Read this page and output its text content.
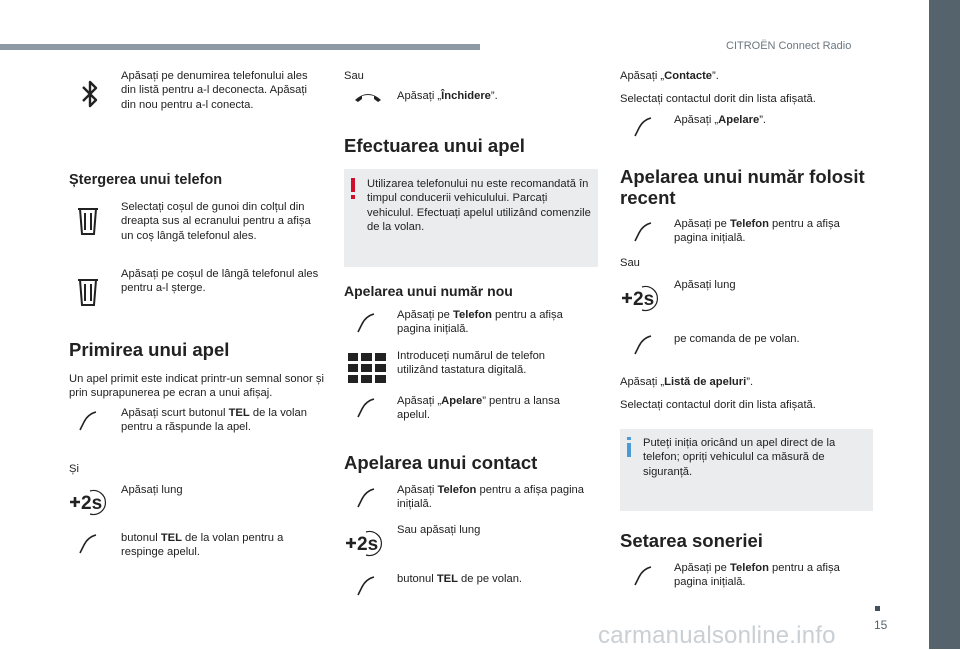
CITROËN Connect Radio
15
carmanualsonline.info
Apăsați pe denumirea telefonului ales din listă pentru a-l deconecta. Apăsați din nou pentru a-l conecta.
Ștergerea unui telefon
Selectați coșul de gunoi din colțul din dreapta sus al ecranului pentru a afișa un coș lângă telefonul ales.
Apăsați pe coșul de lângă telefonul ales pentru a-l șterge.
Primirea unui apel
Un apel primit este indicat printr-un semnal sonor și prin suprapunerea pe ecran a unui afișaj.
Apăsați scurt butonul TEL de la volan pentru a răspunde la apel.
Și
2s
Apăsați lung
butonul TEL de la volan pentru a respinge apelul.
Sau
Apăsați „Închidere”.
Efectuarea unui apel
Utilizarea telefonului nu este recomandată în timpul conducerii vehiculului. Parcați vehiculul. Efectuați apelul utilizând comenzile de la volan.
Apelarea unui număr nou
Apăsați pe Telefon pentru a afișa pagina inițială.
Introduceți numărul de telefon utilizând tastatura digitală.
Apăsați „Apelare” pentru a lansa apelul.
Apelarea unui contact
Apăsați Telefon pentru a afișa pagina inițială.
2s
Sau apăsați lung
butonul TEL de pe volan.
Apăsați „Contacte”.
Selectați contactul dorit din lista afișată.
Apăsați „Apelare”.
Apelarea unui număr folosit recent
Apăsați pe Telefon pentru a afișa pagina inițială.
Sau
2s
Apăsați lung
pe comanda de pe volan.
Apăsați „Listă de apeluri”.
Selectați contactul dorit din lista afișată.
Puteți iniția oricând un apel direct de la telefon; opriți vehiculul ca măsură de siguranță.
Setarea soneriei
Apăsați pe Telefon pentru a afișa pagina inițială.
